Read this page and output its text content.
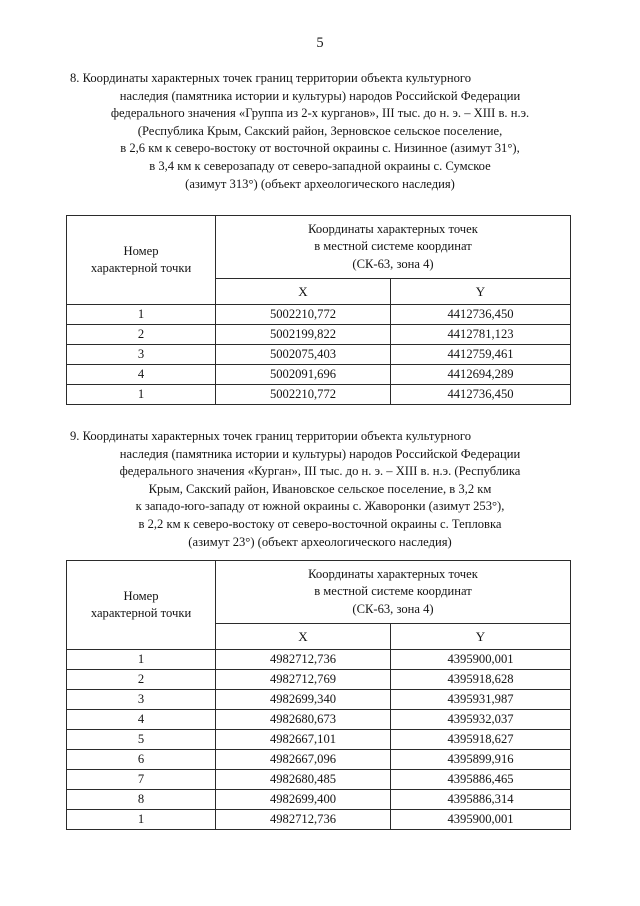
5
8. Координаты характерных точек границ территории объекта культурного
наследия (памятника истории и культуры) народов Российской Федерации
федерального значения «Группа из 2-х курганов», III тыс. до н. э. – XIII в. н.э.
(Республика Крым, Сакский район, Зерновское сельское поселение,
в 2,6 км к северо-востоку от восточной окраины с. Низинное (азимут 31°),
в 3,4 км к северозападу от северо-западной окраины с. Сумское
(азимут 313°) (объект археологического наследия)
Номер
характерной точки	Координаты характерных точек
в местной системе координат
(СК-63, зона 4)	

	X	Y
1	5002210,772	4412736,450
2	5002199,822	4412781,123
3	5002075,403	4412759,461
4	5002091,696	4412694,289
1	5002210,772	4412736,450
9. Координаты характерных точек границ территории объекта культурного
наследия (памятника истории и культуры) народов Российской Федерации
федерального значения «Курган», III тыс. до н. э. – XIII в. н.э. (Республика
Крым, Сакский район, Ивановское сельское поселение, в 3,2 км
к западо-юго-западу от южной окраины с. Жаворонки (азимут 253°),
в 2,2 км к северо-востоку от северо-восточной окраины с. Тепловка
(азимут 23°) (объект археологического наследия)
Номер
характерной точки	Координаты характерных точек
в местной системе координат
(СК-63, зона 4)	

	X	Y
1	4982712,736	4395900,001
2	4982712,769	4395918,628
3	4982699,340	4395931,987
4	4982680,673	4395932,037
5	4982667,101	4395918,627
6	4982667,096	4395899,916
7	4982680,485	4395886,465
8	4982699,400	4395886,314
1	4982712,736	4395900,001
